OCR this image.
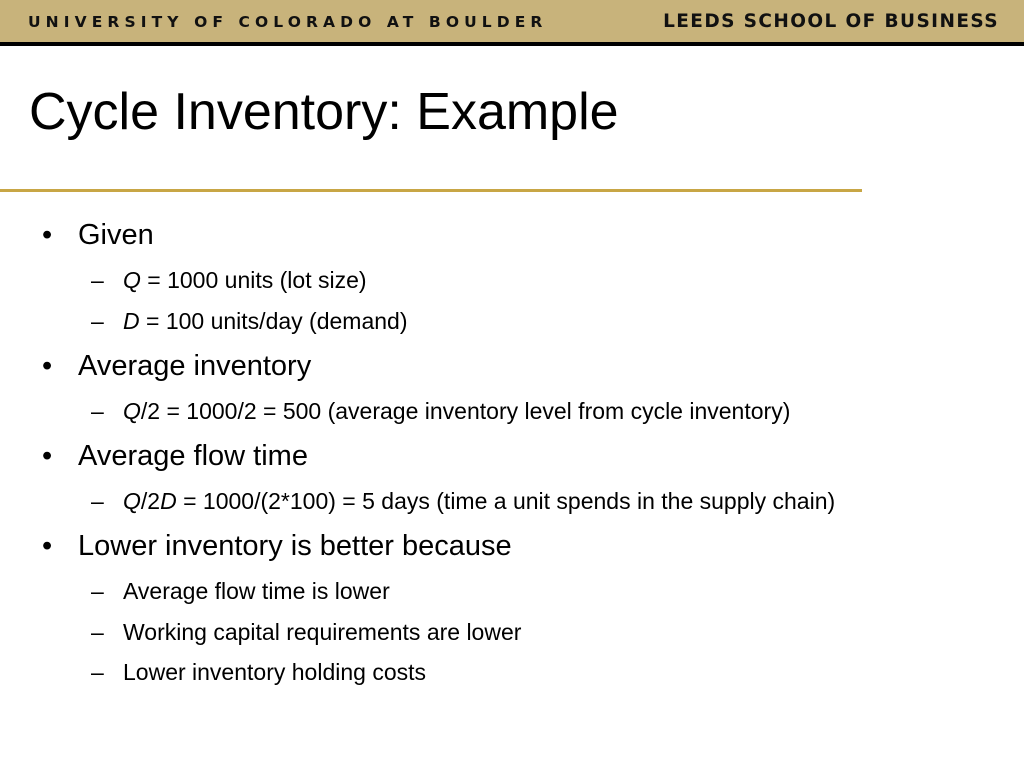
UNIVERSITY OF COLORADO AT BOULDER	LEEDS SCHOOL OF BUSINESS
Cycle Inventory: Example
• Given
– Q = 1000 units (lot size)
– D = 100 units/day (demand)
• Average inventory
– Q/2 = 1000/2 = 500 (average inventory level from cycle inventory)
• Average flow time
– Q/2D = 1000/(2*100) = 5 days (time a unit spends in the supply chain)
• Lower inventory is better because
– Average flow time is lower
– Working capital requirements are lower
– Lower inventory holding costs
